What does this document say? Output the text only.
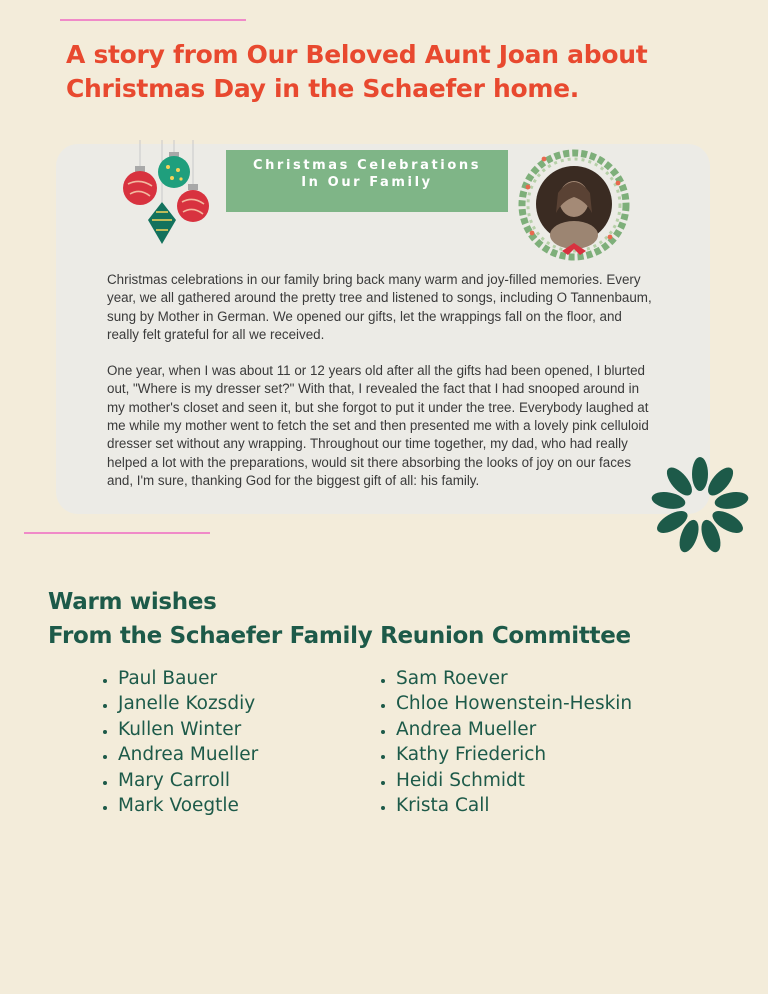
A story from Our Beloved Aunt Joan about
Christmas Day in the Schaefer home.
Christmas Celebrations
In Our Family

Christmas celebrations in our family bring back many warm and joy-filled memories. Every year, we all gathered around the pretty tree and listened to songs, including O Tannenbaum, sung by Mother in German. We opened our gifts, let the wrappings fall on the floor, and really felt grateful for all we received.

One year, when I was about 11 or 12 years old after all the gifts had been opened, I blurted out, "Where is my dresser set?" With that, I revealed the fact that I had snooped around in my mother's closet and seen it, but she forgot to put it under the tree. Everybody laughed at me while my mother went to fetch the set and then presented me with a lovely pink celluloid dresser set without any wrapping. Throughout our time together, my dad, who had really helped a lot with the preparations, would sit there absorbing the looks of joy on our faces and, I'm sure, thanking God for the biggest gift of all: his family.

Warm wishes
From the Schaefer Family Reunion Committee
• Paul Bauer
• Janelle Kozsdiy
• Kullen Winter
• Andrea Mueller
• Mary Carroll
• Mark Voegtle
• Sam Roever
• Chloe Howenstein-Heskin
• Andrea Mueller
• Kathy Friederich
• Heidi Schmidt
• Krista Call
